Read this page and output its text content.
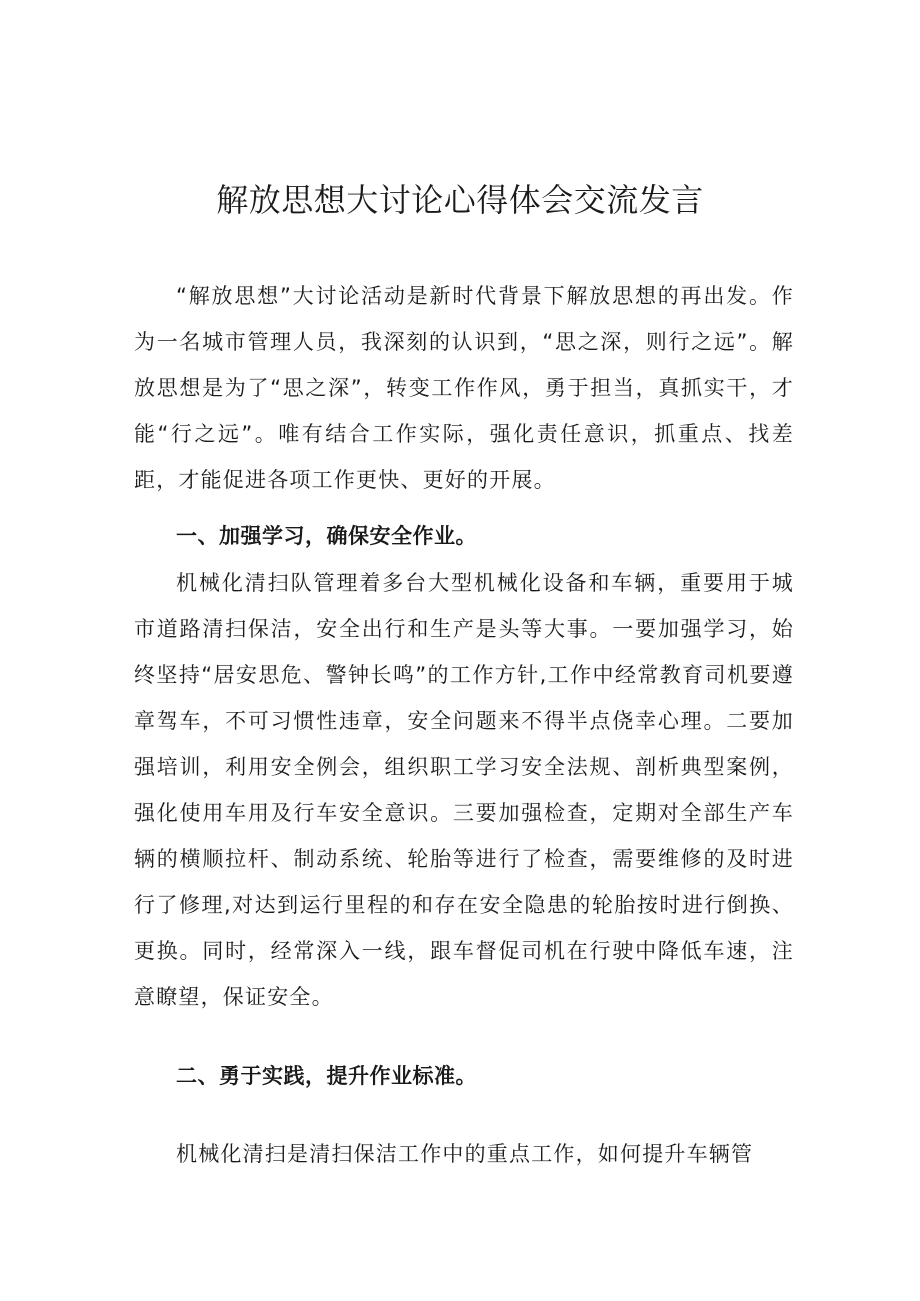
解放思想大讨论心得体会交流发言

“解放思想”大讨论活动是新时代背景下解放思想的再出发。作为一名城市管理人员，我深刻的认识到，“思之深，则行之远”。解放思想是为了“思之深”，转变工作作风，勇于担当，真抓实干，才能“行之远”。唯有结合工作实际，强化责任意识，抓重点、找差距，才能促进各项工作更快、更好的开展。

一、加强学习，确保安全作业。

机械化清扫队管理着多台大型机械化设备和车辆，重要用于城市道路清扫保洁，安全出行和生产是头等大事。一要加强学习，始终坚持“居安思危、警钟长鸣”的工作方针,工作中经常教育司机要遵章驾车，不可习惯性违章，安全问题来不得半点侥幸心理。二要加强培训，利用安全例会，组织职工学习安全法规、剖析典型案例，强化使用车用及行车安全意识。三要加强检查，定期对全部生产车辆的横顺拉杆、制动系统、轮胎等进行了检查，需要维修的及时进行了修理,对达到运行里程的和存在安全隐患的轮胎按时进行倒换、更换。同时，经常深入一线，跟车督促司机在行驶中降低车速，注意瞭望，保证安全。

二、勇于实践，提升作业标准。

机械化清扫是清扫保洁工作中的重点工作，如何提升车辆管
